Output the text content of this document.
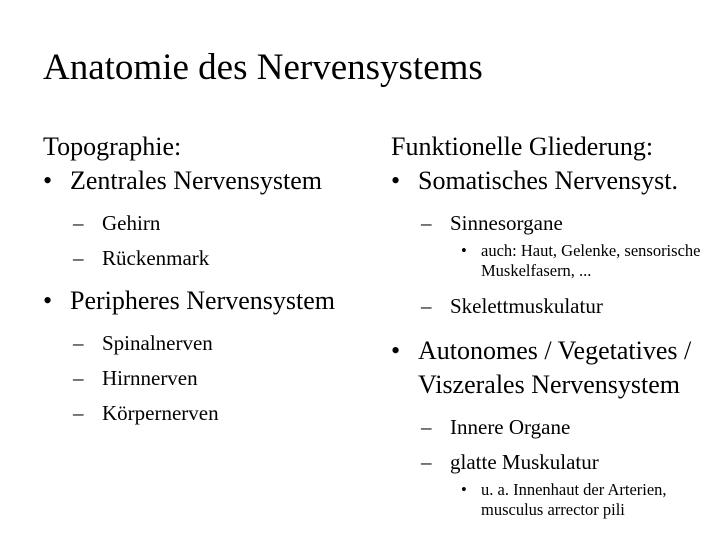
Anatomie des Nervensystems
Topographie:
• Zentrales Nervensystem
– Gehirn
– Rückenmark
• Peripheres Nervensystem
– Spinalnerven
– Hirnnerven
– Körpernerven
Funktionelle Gliederung:
• Somatisches Nervensyst.
– Sinnesorgane
• auch: Haut, Gelenke, sensorische Muskelfasern, ...
– Skelettmuskulatur
• Autonomes / Vegetatives / Viszerales Nervensystem
– Innere Organe
– glatte Muskulatur
• u. a. Innenhaut der Arterien, musculus arrector pili
